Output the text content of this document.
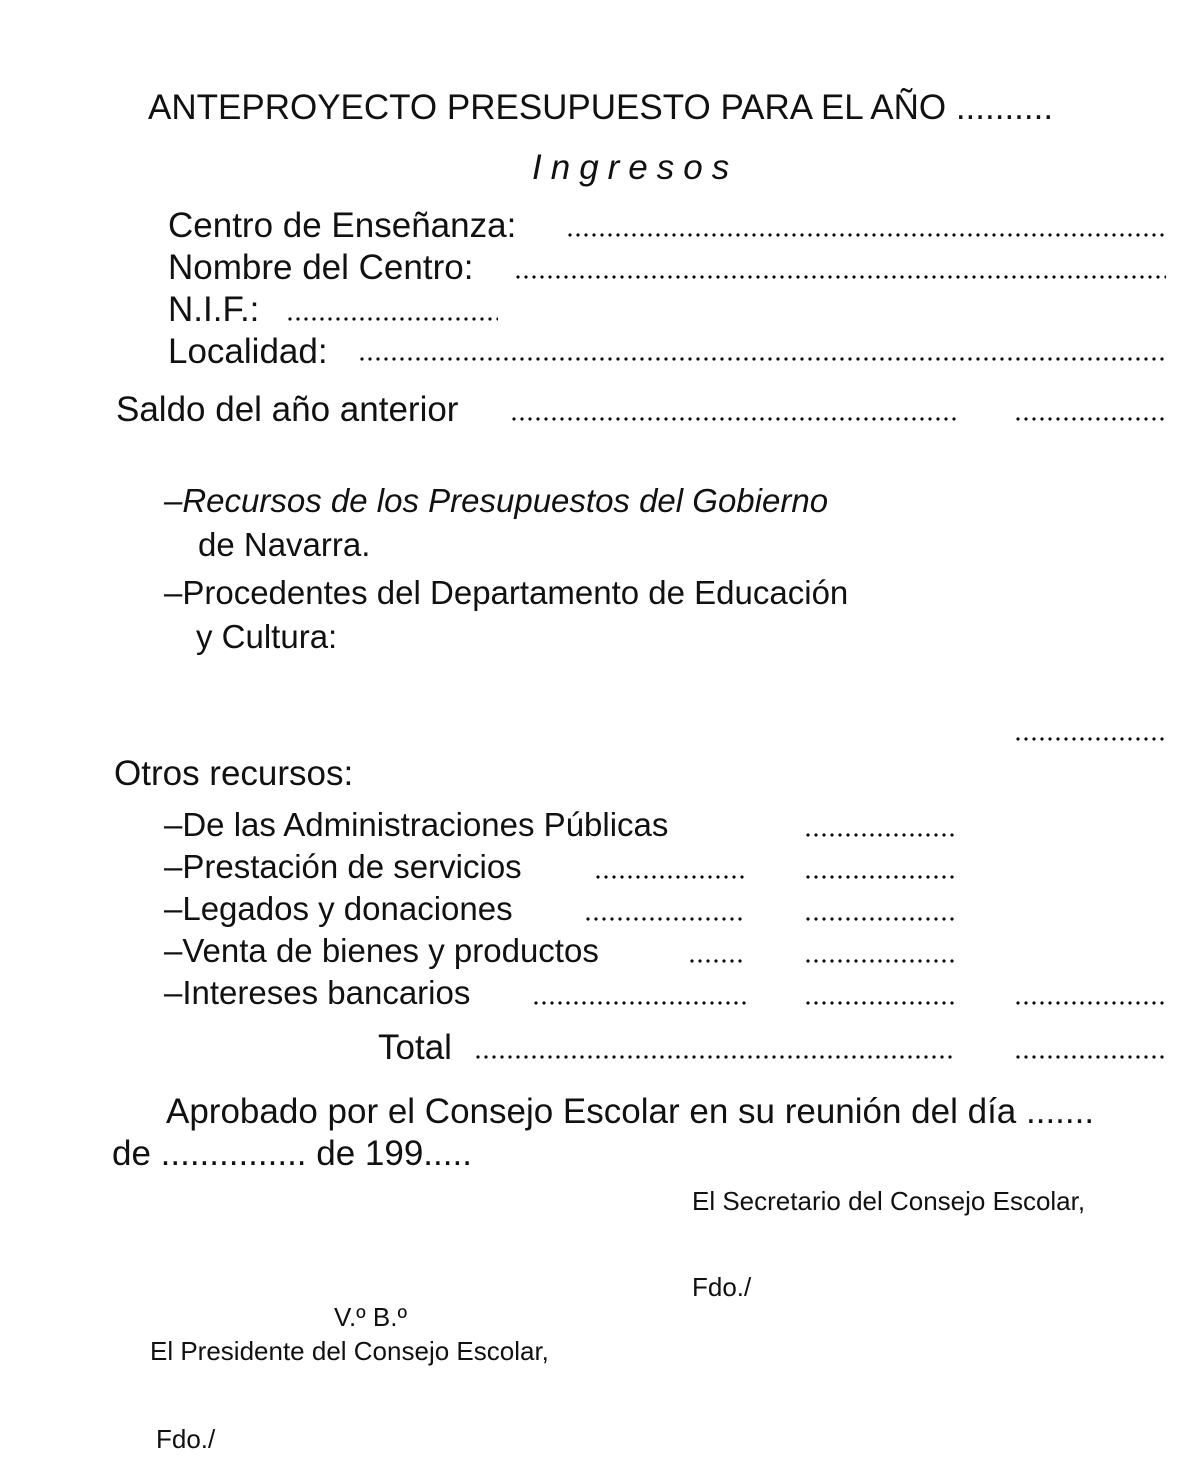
ANTEPROYECTO PRESUPUESTO PARA EL AÑO ..........
Ingresos
Centro de Enseñanza:
Nombre del Centro:
N.I.F.:
Localidad:
Saldo del año anterior
–Recursos de los Presupuestos del Gobierno
de Navarra.
–Procedentes del Departamento de Educación
y Cultura:
Otros recursos:
–De las Administraciones Públicas
–Prestación de servicios
–Legados y donaciones
–Venta de bienes y productos
–Intereses bancarios
Total
Aprobado por el Consejo Escolar en su reunión del día .......
de ............... de 199.....
El Secretario del Consejo Escolar,
Fdo./
V.º B.º
El Presidente del Consejo Escolar,
Fdo./
